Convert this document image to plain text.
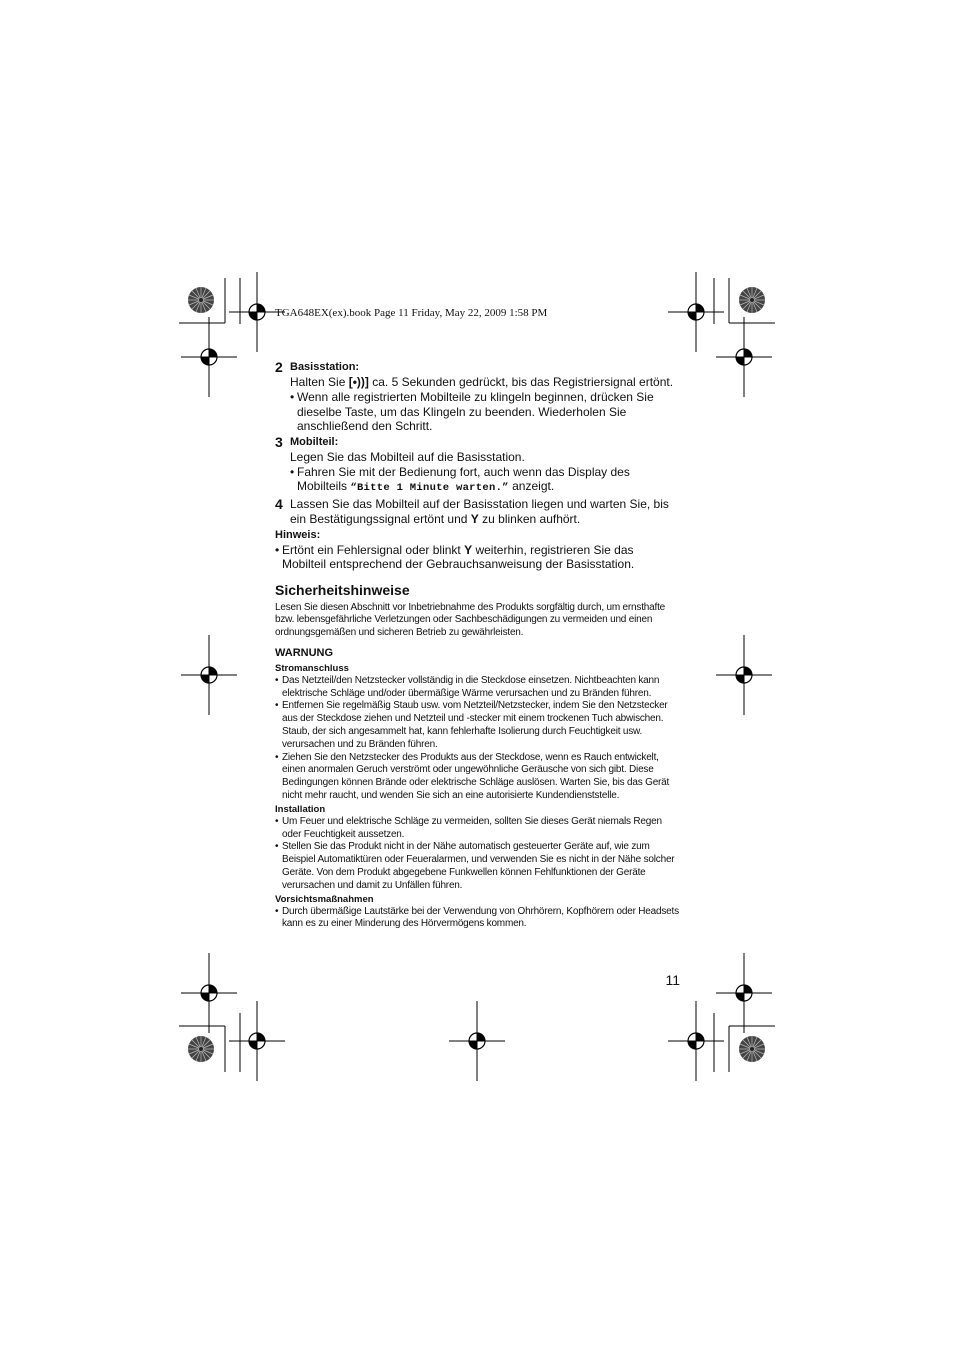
TGA648EX(ex).book Page 11 Friday, May 22, 2009 1:58 PM
2 Basisstation:
Halten Sie [•))] ca. 5 Sekunden gedrückt, bis das Registriersignal ertönt.
• Wenn alle registrierten Mobilteile zu klingeln beginnen, drücken Sie dieselbe Taste, um das Klingeln zu beenden. Wiederholen Sie anschließend den Schritt.
3 Mobilteil:
Legen Sie das Mobilteil auf die Basisstation.
• Fahren Sie mit der Bedienung fort, auch wenn das Display des Mobilteils “Bitte 1 Minute warten.” anzeigt.
4 Lassen Sie das Mobilteil auf der Basisstation liegen und warten Sie, bis ein Bestätigungssignal ertönt und Y zu blinken aufhört.
Hinweis:
• Ertönt ein Fehlersignal oder blinkt Y weiterhin, registrieren Sie das Mobilteil entsprechend der Gebrauchsanweisung der Basisstation.
Sicherheitshinweise
Lesen Sie diesen Abschnitt vor Inbetriebnahme des Produkts sorgfältig durch, um ernsthafte bzw. lebensgefährliche Verletzungen oder Sachbeschädigungen zu vermeiden und einen ordnungsgemäßen und sicheren Betrieb zu gewährleisten.
WARNUNG
Stromanschluss
• Das Netzteil/den Netzstecker vollständig in die Steckdose einsetzen. Nichtbeachten kann elektrische Schläge und/oder übermäßige Wärme verursachen und zu Bränden führen.
• Entfernen Sie regelmäßig Staub usw. vom Netzteil/Netzstecker, indem Sie den Netzstecker aus der Steckdose ziehen und Netzteil und -stecker mit einem trockenen Tuch abwischen. Staub, der sich angesammelt hat, kann fehlerhafte Isolierung durch Feuchtigkeit usw. verursachen und zu Bränden führen.
• Ziehen Sie den Netzstecker des Produkts aus der Steckdose, wenn es Rauch entwickelt, einen anormalen Geruch verströmt oder ungewöhnliche Geräusche von sich gibt. Diese Bedingungen können Brände oder elektrische Schläge auslösen. Warten Sie, bis das Gerät nicht mehr raucht, und wenden Sie sich an eine autorisierte Kundendienststelle.
Installation
• Um Feuer und elektrische Schläge zu vermeiden, sollten Sie dieses Gerät niemals Regen oder Feuchtigkeit aussetzen.
• Stellen Sie das Produkt nicht in der Nähe automatisch gesteuerter Geräte auf, wie zum Beispiel Automatiktüren oder Feueralarmen, und verwenden Sie es nicht in der Nähe solcher Geräte. Von dem Produkt abgegebene Funkwellen können Fehlfunktionen der Geräte verursachen und damit zu Unfällen führen.
Vorsichtsmaßnahmen
• Durch übermäßige Lautstärke bei der Verwendung von Ohrhörern, Kopfhörern oder Headsets kann es zu einer Minderung des Hörvermögens kommen.
11
